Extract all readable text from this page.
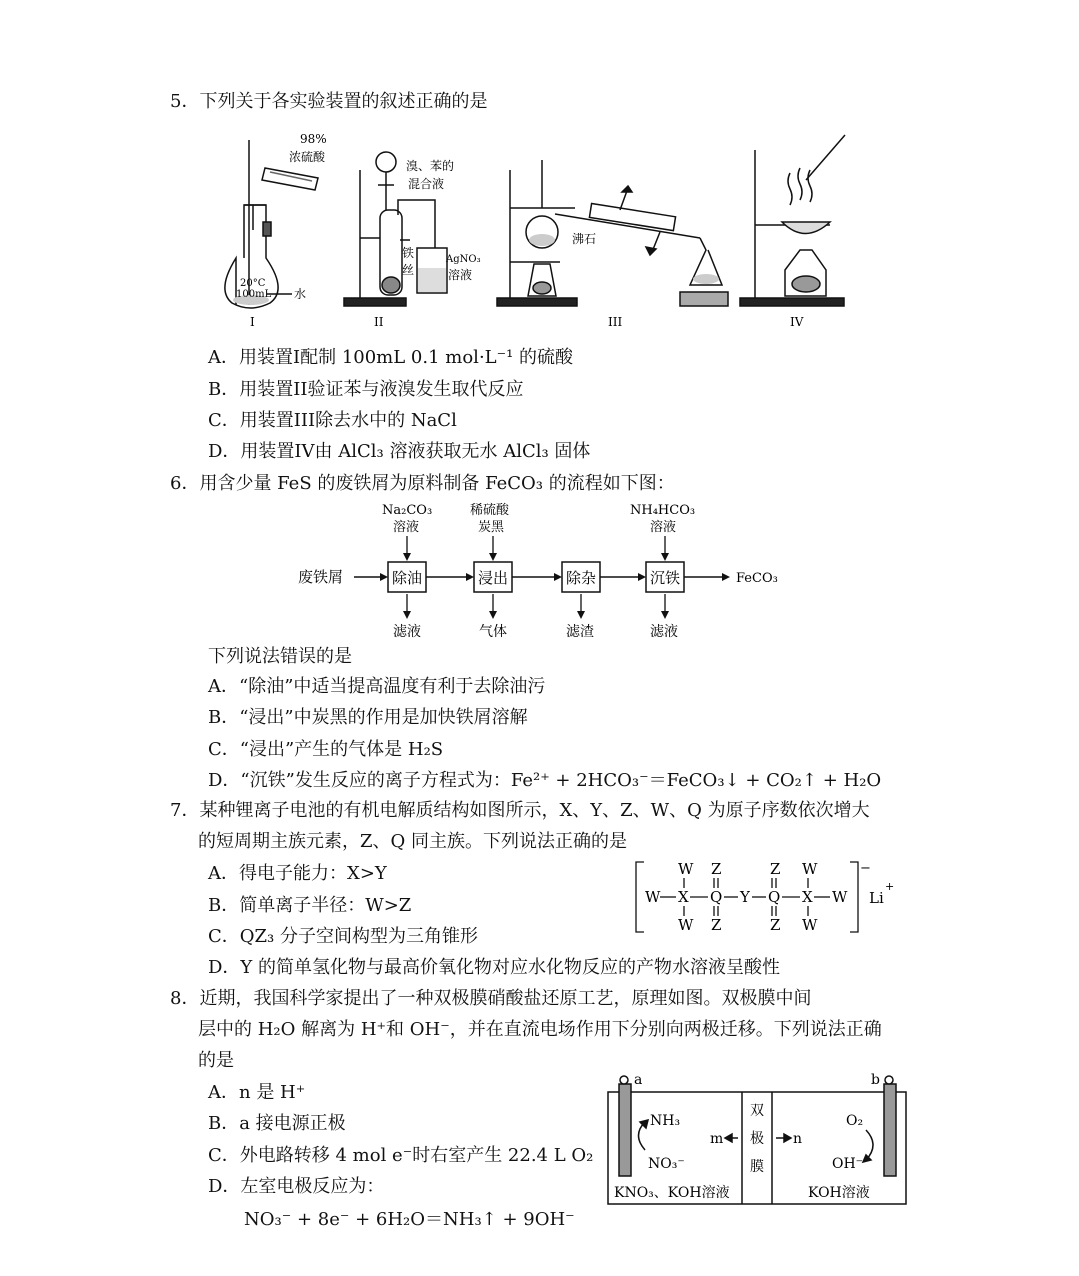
5．下列关于各实验装置的叙述正确的是
98%
浓硫酸
20°C
100mL 水
I
溴、苯的
混合液
铁
丝
AgNO₃
溶液
II
沸石
III	IV
废铁屑	除油	浸出	除杂	沉铁	FeCO₃
Na₂CO₃
溶液
稀硫酸
炭黑
NH₄HCO₃
溶液
滤液	气体	滤渣	滤液
−
Li
+
W X Q Y Q X W
W Z	Z W
W Z	Z W
a	b
NH₃
NO₃⁻
m	n
双
极
膜
O₂
OH⁻
KNO₃、KOH溶液	KOH溶液
A．用装置I配制 100mL 0.1 mol·L⁻¹ 的硫酸
B．用装置II验证苯与液溴发生取代反应
C．用装置III除去水中的 NaCl
D．用装置IV由 AlCl₃ 溶液获取无水 AlCl₃ 固体
6．用含少量 FeS 的废铁屑为原料制备 FeCO₃ 的流程如下图：
下列说法错误的是
A．“除油”中适当提高温度有利于去除油污
B．“浸出”中炭黑的作用是加快铁屑溶解
C．“浸出”产生的气体是 H₂S
D．“沉铁”发生反应的离子方程式为：Fe²⁺ + 2HCO₃⁻＝FeCO₃↓ + CO₂↑ + H₂O
7．某种锂离子电池的有机电解质结构如图所示，X、Y、Z、W、Q 为原子序数依次增大
的短周期主族元素，Z、Q 同主族。下列说法正确的是
A．得电子能力：X>Y
B．简单离子半径：W>Z
C．QZ₃ 分子空间构型为三角锥形
D．Y 的简单氢化物与最高价氧化物对应水化物反应的产物水溶液呈酸性
8．近期，我国科学家提出了一种双极膜硝酸盐还原工艺，原理如图。双极膜中间
层中的 H₂O 解离为 H⁺和 OH⁻，并在直流电场作用下分别向两极迁移。下列说法正确
的是
A．n 是 H⁺
B．a 接电源正极
C．外电路转移 4 mol e⁻时右室产生 22.4 L O₂
D．左室电极反应为：
NO₃⁻ + 8e⁻ + 6H₂O＝NH₃↑ + 9OH⁻
